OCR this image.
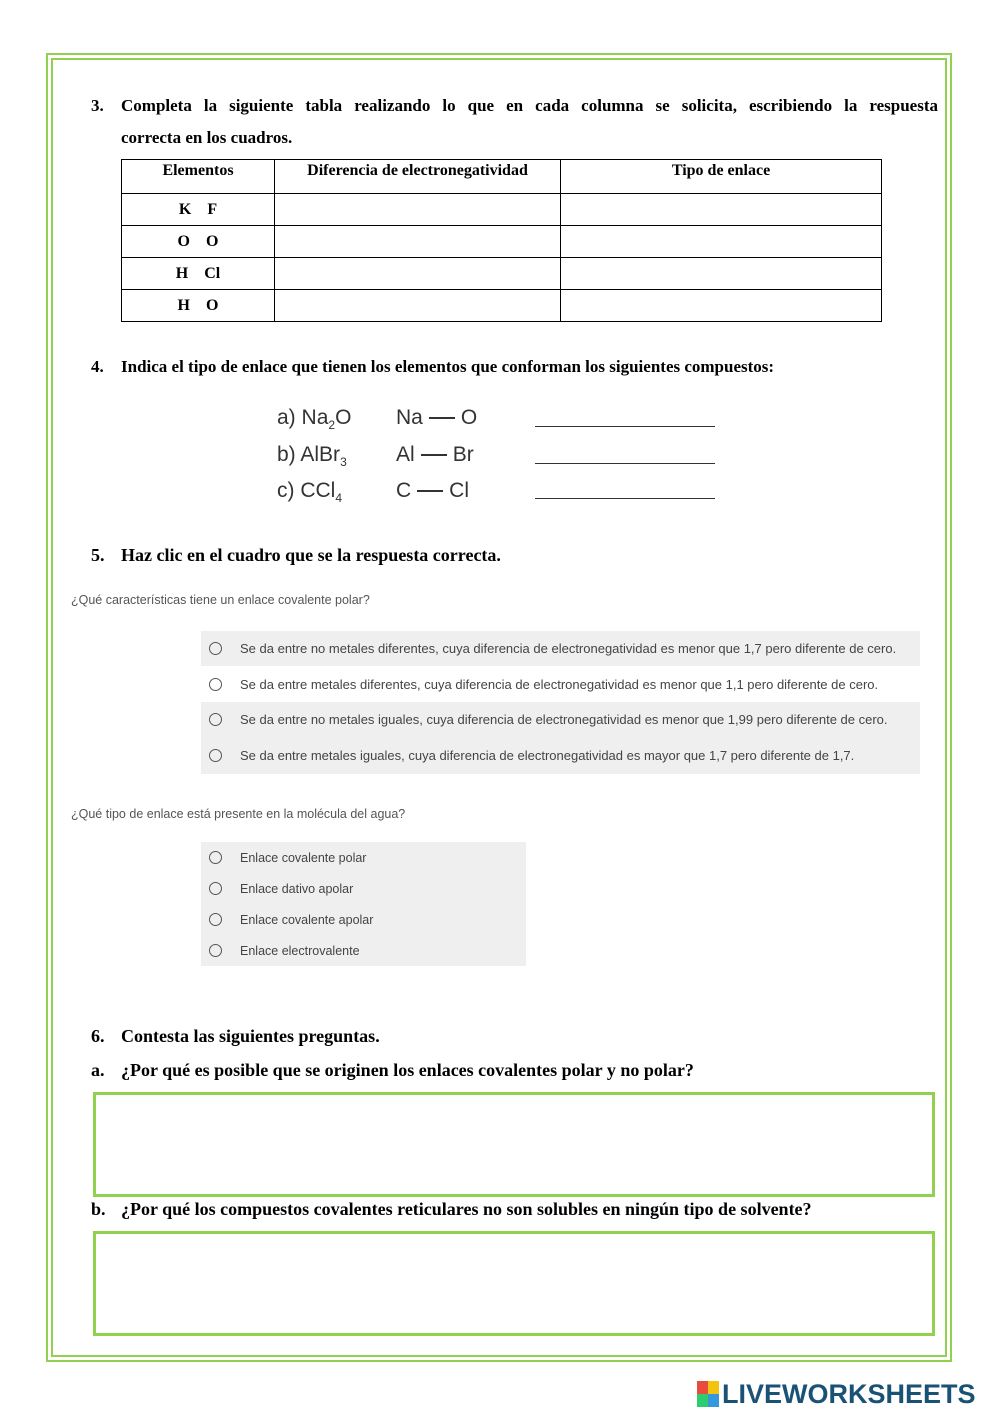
3. Completa la siguiente tabla realizando lo que en cada columna se solicita, escribiendo la respuesta
correcta en los cuadros.
Elementos	Diferencia de electronegatividad	Tipo de enlace
K    F		
O    O		
H    Cl		
H    O		
4. Indica el tipo de enlace que tienen los elementos que conforman los siguientes compuestos:
a) $Na_2O$ Na O
b) AlBr$_3$ Al Br
c) CCl$_4$	C Cl
5. Haz clic en el cuadro que se la respuesta correcta.
¿Qué características tiene un enlace covalente polar?
Se da entre no metales diferentes, cuya diferencia de electronegatividad es menor que 1,7 pero diferente de cero.
Se da entre metales diferentes, cuya diferencia de electronegatividad es menor que 1,1 pero diferente de cero.
Se da entre no metales iguales, cuya diferencia de electronegatividad es menor que 1,99 pero diferente de cero.
Se da entre metales iguales, cuya diferencia de electronegatividad es mayor que 1,7 pero diferente de 1,7.
¿Qué tipo de enlace está presente en la molécula del agua?
Enlace covalente polar
Enlace dativo apolar
Enlace covalente apolar
Enlace electrovalente
6. Contesta las siguientes preguntas.
a. ¿Por qué es posible que se originen los enlaces covalentes polar y no polar?
b. ¿Por qué los compuestos covalentes reticulares no son solubles en ningún tipo de solvente?
LIVEWORKSHEETS
